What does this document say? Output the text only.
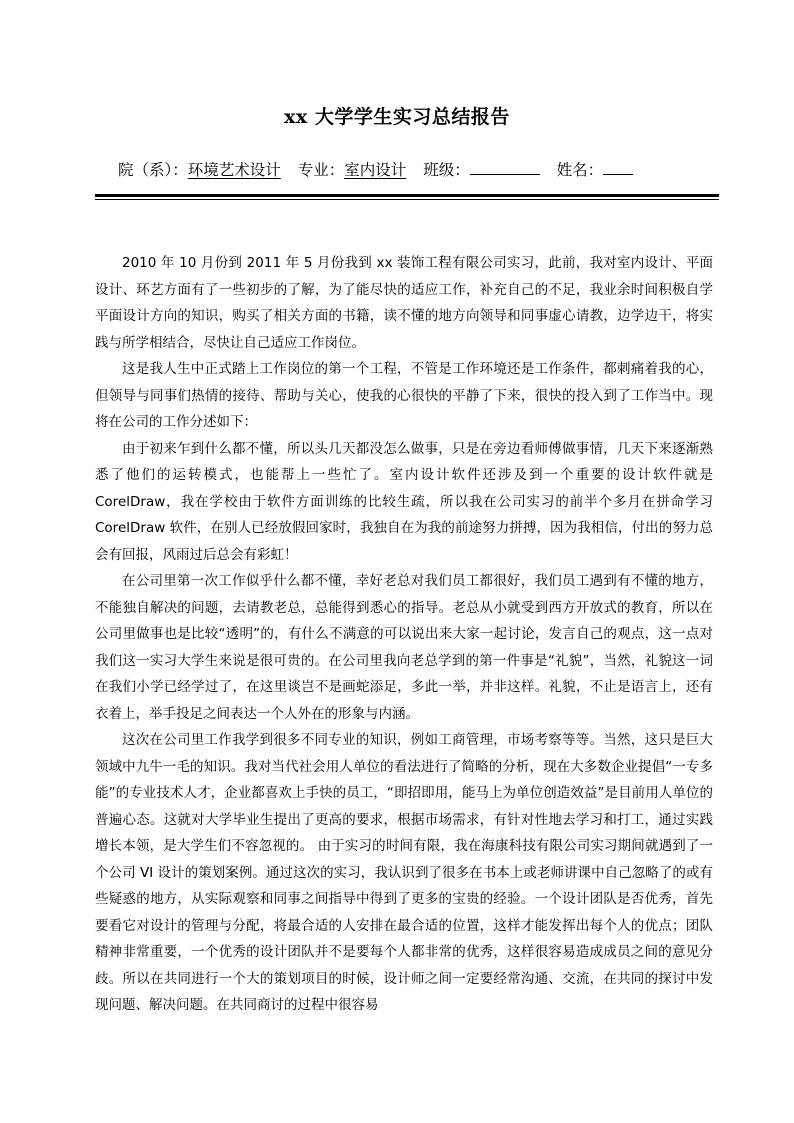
xx 大学学生实习总结报告
院（系）：环境艺术设计 专业：室内设计 班级：	姓名：

2010 年 10 月份到 2011 年 5 月份我到 xx 装饰工程有限公司实习，此前，我对室内设计、平面设计、环艺方面有了一些初步的了解，为了能尽快的适应工作，补充自己的不足，我业余时间积极自学平面设计方向的知识，购买了相关方面的书籍，读不懂的地方向领导和同事虚心请教，边学边干，将实践与所学相结合，尽快让自己适应工作岗位。

这是我人生中正式踏上工作岗位的第一个工程，不管是工作环境还是工作条件，都刺痛着我的心，但领导与同事们热情的接待、帮助与关心，使我的心很快的平静了下来，很快的投入到了工作当中。现将在公司的工作分述如下：

由于初来乍到什么都不懂，所以头几天都没怎么做事，只是在旁边看师傅做事情，几天下来逐渐熟悉了他们的运转模式，也能帮上一些忙了。室内设计软件还涉及到一个重要的设计软件就是 CorelDraw，我在学校由于软件方面训练的比较生疏，所以我在公司实习的前半个多月在拼命学习 CorelDraw 软件，在别人已经放假回家时，我独自在为我的前途努力拼搏，因为我相信，付出的努力总会有回报，风雨过后总会有彩虹！

在公司里第一次工作似乎什么都不懂，幸好老总对我们员工都很好，我们员工遇到有不懂的地方，不能独自解决的问题，去请教老总，总能得到悉心的指导。老总从小就受到西方开放式的教育，所以在公司里做事也是比较“透明”的，有什么不满意的可以说出来大家一起讨论，发言自己的观点，这一点对我们这一实习大学生来说是很可贵的。在公司里我向老总学到的第一件事是“礼貌”，当然，礼貌这一词在我们小学已经学过了，在这里谈岂不是画蛇添足，多此一举，并非这样。礼貌，不止是语言上，还有衣着上，举手投足之间表达一个人外在的形象与内涵。

这次在公司里工作我学到很多不同专业的知识，例如工商管理，市场考察等等。当然，这只是巨大领域中九牛一毛的知识。我对当代社会用人单位的看法进行了简略的分析，现在大多数企业提倡“一专多能”的专业技术人才，企业都喜欢上手快的员工，“即招即用，能马上为单位创造效益”是目前用人单位的普遍心态。这就对大学毕业生提出了更高的要求，根据市场需求，有针对性地去学习和打工，通过实践增长本领，是大学生们不容忽视的。 由于实习的时间有限，我在海康科技有限公司实习期间就遇到了一个公司 VI 设计的策划案例。通过这次的实习，我认识到了很多在书本上或老师讲课中自己忽略了的或有些疑惑的地方，从实际观察和同事之间指导中得到了更多的宝贵的经验。一个设计团队是否优秀，首先要看它对设计的管理与分配，将最合适的人安排在最合适的位置，这样才能发挥出每个人的优点；团队精神非常重要，一个优秀的设计团队并不是要每个人都非常的优秀，这样很容易造成成员之间的意见分歧。所以在共同进行一个大的策划项目的时候，设计师之间一定要经常沟通、交流，在共同的探讨中发现问题、解决问题。在共同商讨的过程中很容易
